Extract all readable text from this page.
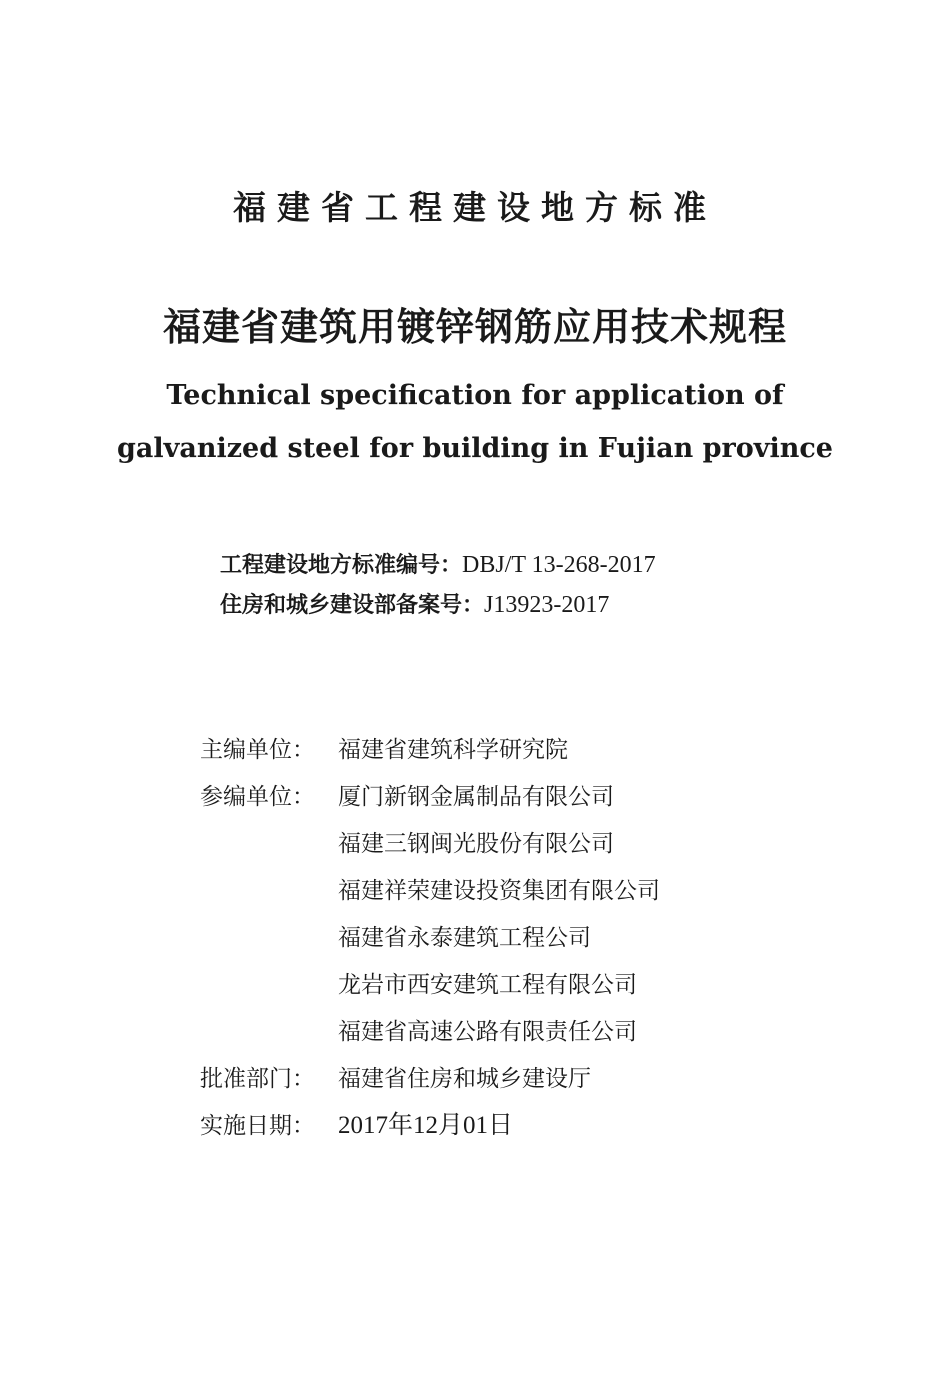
福建省工程建设地方标准
福建省建筑用镀锌钢筋应用技术规程
Technical specification for application of
galvanized steel for building in Fujian province
工程建设地方标准编号：DBJ/T 13-268-2017
住房和城乡建设部备案号：J13923-2017
主编单位： 福建省建筑科学研究院
参编单位： 厦门新钢金属制品有限公司
福建三钢闽光股份有限公司
福建祥荣建设投资集团有限公司
福建省永泰建筑工程公司
龙岩市西安建筑工程有限公司
福建省高速公路有限责任公司
批准部门： 福建省住房和城乡建设厅
实施日期： 2017年12月01日
